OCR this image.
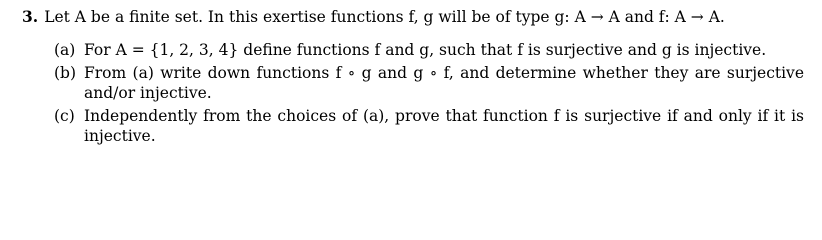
3. Let A be a finite set. In this exertise functions f, g will be of type g: A → A and f: A → A.
(a) For A = {1, 2, 3, 4} define functions f and g, such that f is surjective and g is injective.
(b) From (a) write down functions f ∘ g and g ∘ f, and determine whether they are surjective and/or injective.
(c) Independently from the choices of (a), prove that function f is surjective if and only if it is injective.
